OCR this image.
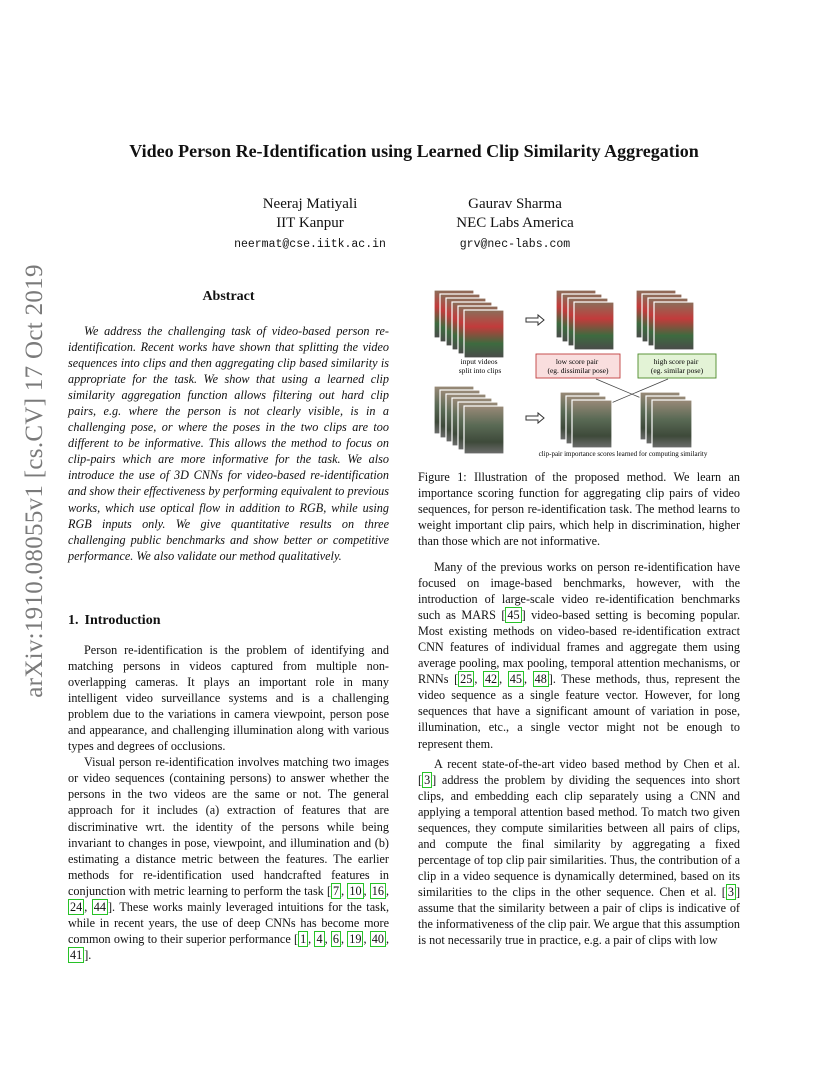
arXiv:1910.08055v1 [cs.CV] 17 Oct 2019
Video Person Re-Identification using Learned Clip Similarity Aggregation
Neeraj Matiyali
IIT Kanpur
neermat@cse.iitk.ac.in
Gaurav Sharma
NEC Labs America
grv@nec-labs.com
Abstract

We address the challenging task of video-based person re-identification. Recent works have shown that splitting the video sequences into clips and then aggregating clip based similarity is appropriate for the task. We show that using a learned clip similarity aggregation function allows filtering out hard clip pairs, e.g. where the person is not clearly visible, is in a challenging pose, or where the poses in the two clips are too different to be informative. This allows the method to focus on clip-pairs which are more informative for the task. We also introduce the use of 3D CNNs for video-based re-identification and show their effectiveness by performing equivalent to previous works, which use optical flow in addition to RGB, while using RGB inputs only. We give quantitative results on three challenging public benchmarks and show better or competitive performance. We also validate our method qualitatively.

1. Introduction

Person re-identification is the problem of identifying and matching persons in videos captured from multiple non-overlapping cameras. It plays an important role in many intelligent video surveillance systems and is a challenging problem due to the variations in camera viewpoint, person pose and appearance, and challenging illumination along with various types and degrees of occlusions.

Visual person re-identification involves matching two images or video sequences (containing persons) to answer whether the persons in the two videos are the same or not. The general approach for it includes (a) extraction of features that are discriminative wrt. the identity of the persons while being invariant to changes in pose, viewpoint, and illumination and (b) estimating a distance metric between the features. The earlier methods for re-identification used handcrafted features in conjunction with metric learning to perform the task [ 7 , 10 , 16 , 24 , 44 ]. These works mainly leveraged intuitions for the task, while in recent years, the use of deep CNNs has become more common owing to their superior performance [ 1 , 4 , 6 , 19 , 40 , 41 ].

input videos split into clips
low score pair (eg. dissimilar pose)
high score pair (eg. similar pose)
clip-pair importance scores learned for computing similarity

Figure 1: Illustration of the proposed method. We learn an importance scoring function for aggregating clip pairs of video sequences, for person re-identification task. The method learns to weight important clip pairs, which help in discrimination, higher than those which are not informative.

Many of the previous works on person re-identification have focused on image-based benchmarks, however, with the introduction of large-scale video re-identification benchmarks such as MARS [ 45 ] video-based setting is becoming popular. Most existing methods on video-based re-identification extract CNN features of individual frames and aggregate them using average pooling, max pooling, temporal attention mechanisms, or RNNs [ 25 , 42 , 45 , 48 ]. These methods, thus, represent the video sequence as a single feature vector. However, for long sequences that have a significant amount of variation in pose, illumination, etc., a single vector might not be enough to represent them.

A recent state-of-the-art video based method by Chen et al. [ 3 ] address the problem by dividing the sequences into short clips, and embedding each clip separately using a CNN and applying a temporal attention based method. To match two given sequences, they compute similarities between all pairs of clips, and compute the final similarity by aggregating a fixed percentage of top clip pair similarities. Thus, the contribution of a clip in a video sequence is dynamically determined, based on its similarities to the clips in the other sequence. Chen et al. [ 3 ] assume that the similarity between a pair of clips is indicative of the informativeness of the clip pair. We argue that this assumption is not necessarily true in practice, e.g. a pair of clips with low
